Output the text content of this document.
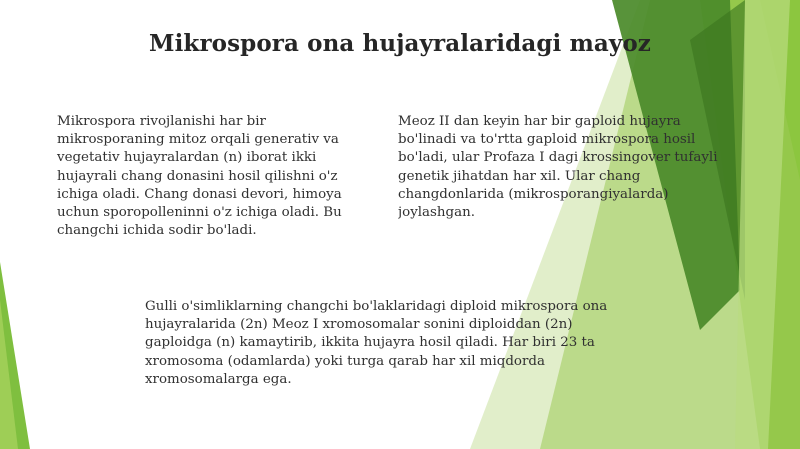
Mikrospora ona hujayralaridagi mayoz

Mikrospora rivojlanishi har bir mikrosporaning mitoz orqali generativ va vegetativ hujayralardan (n) iborat ikki hujayrali chang donasini hosil qilishni o'z ichiga oladi. Chang donasi devori, himoya uchun sporopolleninni o'z ichiga oladi. Bu changchi ichida sodir bo'ladi.

Meoz II dan keyin har bir gaploid hujayra
bo'linadi va to'rtta gaploid mikrospora hosil
bo'ladi, ular Profaza I dagi krossingover tufayli
genetik jihatdan har xil. Ular chang
changdonlarida (mikrosporangiyalarda)
joylashgan.

Gulli o'simliklarning changchi bo'laklaridagi diploid mikrospora ona hujayralarida (2n) Meoz I xromosomalar sonini diploiddan (2n) gaploidga (n) kamaytirib, ikkita hujayra hosil qiladi. Har biri 23 ta xromosoma (odamlarda) yoki turga qarab har xil miqdorda xromosomalarga ega.
